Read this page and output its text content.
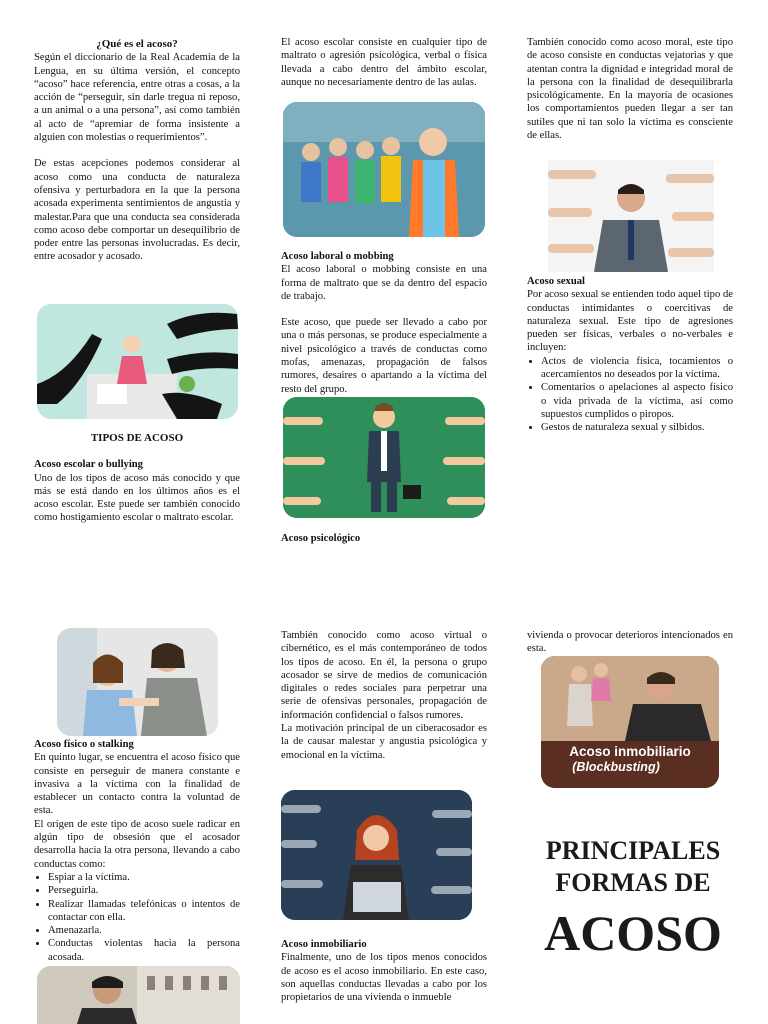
¿Qué es el acoso?

Según el diccionario de la Real Academia de la Lengua, en su última versión, el concepto “acoso” hace referencia, entre otras a cosas, a la acción de “perseguir, sin darle tregua ni reposo, a un animal o a una persona”, así como también al acto de “apremiar de forma insistente a alguien con molestias o requerimientos”.

De estas acepciones podemos considerar al acoso como una conducta de naturaleza ofensiva y perturbadora en la que la persona acosada experimenta sentimientos de angustia y malestar.Para que una conducta sea considerada como acoso debe comportar un desequilibrio de poder entre las personas involucradas. Es decir, entre acosador y acosado.

TIPOS DE ACOSO

Acoso escolar o bullying

Uno de los tipos de acoso más conocido y que más se está dando en los últimos años es el acoso escolar. Este puede ser también conocido como hostigamiento escolar o maltrato escolar.

El acoso escolar consiste en cualquier tipo de maltrato o agresión psicológica, verbal o física llevada a cabo dentro del ámbito escolar, aunque no necesariamente dentro de las aulas.

Acoso laboral o mobbing

El acoso laboral o mobbing consiste en una forma de maltrato que se da dentro del espacio de trabajo.

Este acoso, que puede ser llevado a cabo por una o más personas, se produce especialmente a nivel psicológico a través de conductas como mofas, amenazas, propagación de falsos rumores, desaires o apartando a la víctima del resto del grupo.

Acoso psicológico

También conocido como acoso moral, este tipo de acoso consiste en conductas vejatorias y que atentan contra la dignidad e integridad moral de la persona con la finalidad de desequilibrarla psicológicamente. En la mayoría de ocasiones los comportamientos pueden llegar a ser tan sutiles que ni tan solo la víctima es consciente de ellas.

Acoso sexual

Por acoso sexual se entienden todo aquel tipo de conductas intimidantes o coercitivas de naturaleza sexual. Este tipo de agresiones pueden ser físicas, verbales o no-verbales e incluyen:

• Actos de violencia física, tocamientos o acercamientos no deseados por la víctima.
• Comentarios o apelaciones al aspecto físico o vida privada de la víctima, así como supuestos cumplidos o piropos.
• Gestos de naturaleza sexual y silbidos.

Acoso físico o stalking

En quinto lugar, se encuentra el acoso físico que consiste en perseguir de manera constante e invasiva a la víctima con la finalidad de establecer un contacto contra la voluntad de esta.

El origen de este tipo de acoso suele radicar en algún tipo de obsesión que el acosador desarrolla hacia la otra persona, llevando a cabo conductas como:

• Espiar a la víctima.
• Perseguirla.
• Realizar llamadas telefónicas o intentos de contactar con ella.
• Amenazarla.
• Conductas violentas hacia la persona acosada.

También conocido como acoso virtual o cibernético, es el más contemporáneo de todos los tipos de acoso. En él, la persona o grupo acosador se sirve de medios de comunicación digitales o redes sociales para perpetrar una serie de ofensivas personales, propagación de información confidencial o falsos rumores.

La motivación principal de un ciberacosador es la de causar malestar y angustia psicológica y emocional en la víctima.

Acoso inmobiliario

Finalmente, uno de los tipos menos conocidos de acoso es el acoso inmobiliario. En este caso, son aquellas conductas llevadas a cabo por los propietarios de una vivienda o inmueble

vivienda o provocar deterioros intencionados en esta.

Acoso inmobiliario
(Blockbusting)
PRINCIPALES
FORMAS DE
ACOSO
